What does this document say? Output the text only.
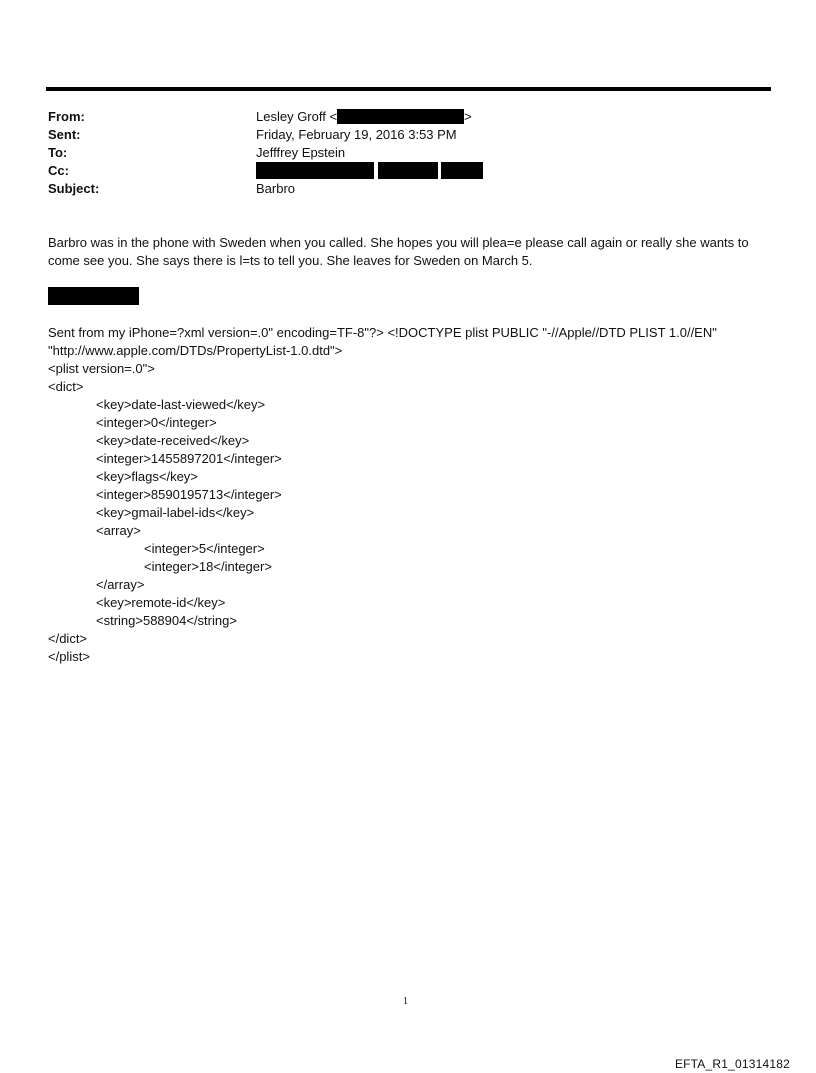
From:	Lesley Groff <	>
Sent:	Friday, February 19, 2016 3:53 PM
To:	Jefffrey Epstein
Cc:

Subject:	Barbro
Barbro was in the phone with Sweden when you called. She hopes you will plea=e please call again or really she wants to
come see you. She says there is l=ts to tell you. She leaves for Sweden on March 5.
Sent from my iPhone=?xml version=.0" encoding=TF-8"?> <!DOCTYPE plist PUBLIC "-//Apple//DTD PLIST 1.0//EN"
"http://www.apple.com/DTDs/PropertyList-1.0.dtd">
<plist version=.0">
<dict>
<key>date-last-viewed</key>
<integer>0</integer>
<key>date-received</key>
<integer>1455897201</integer>
<key>flags</key>
<integer>8590195713</integer>
<key>gmail-label-ids</key>
<array>
<integer>5</integer>
<integer>18</integer>
</array>
<key>remote-id</key>
<string>588904</string>
</dict>
</plist>
1
EFTA_R1_01314182
